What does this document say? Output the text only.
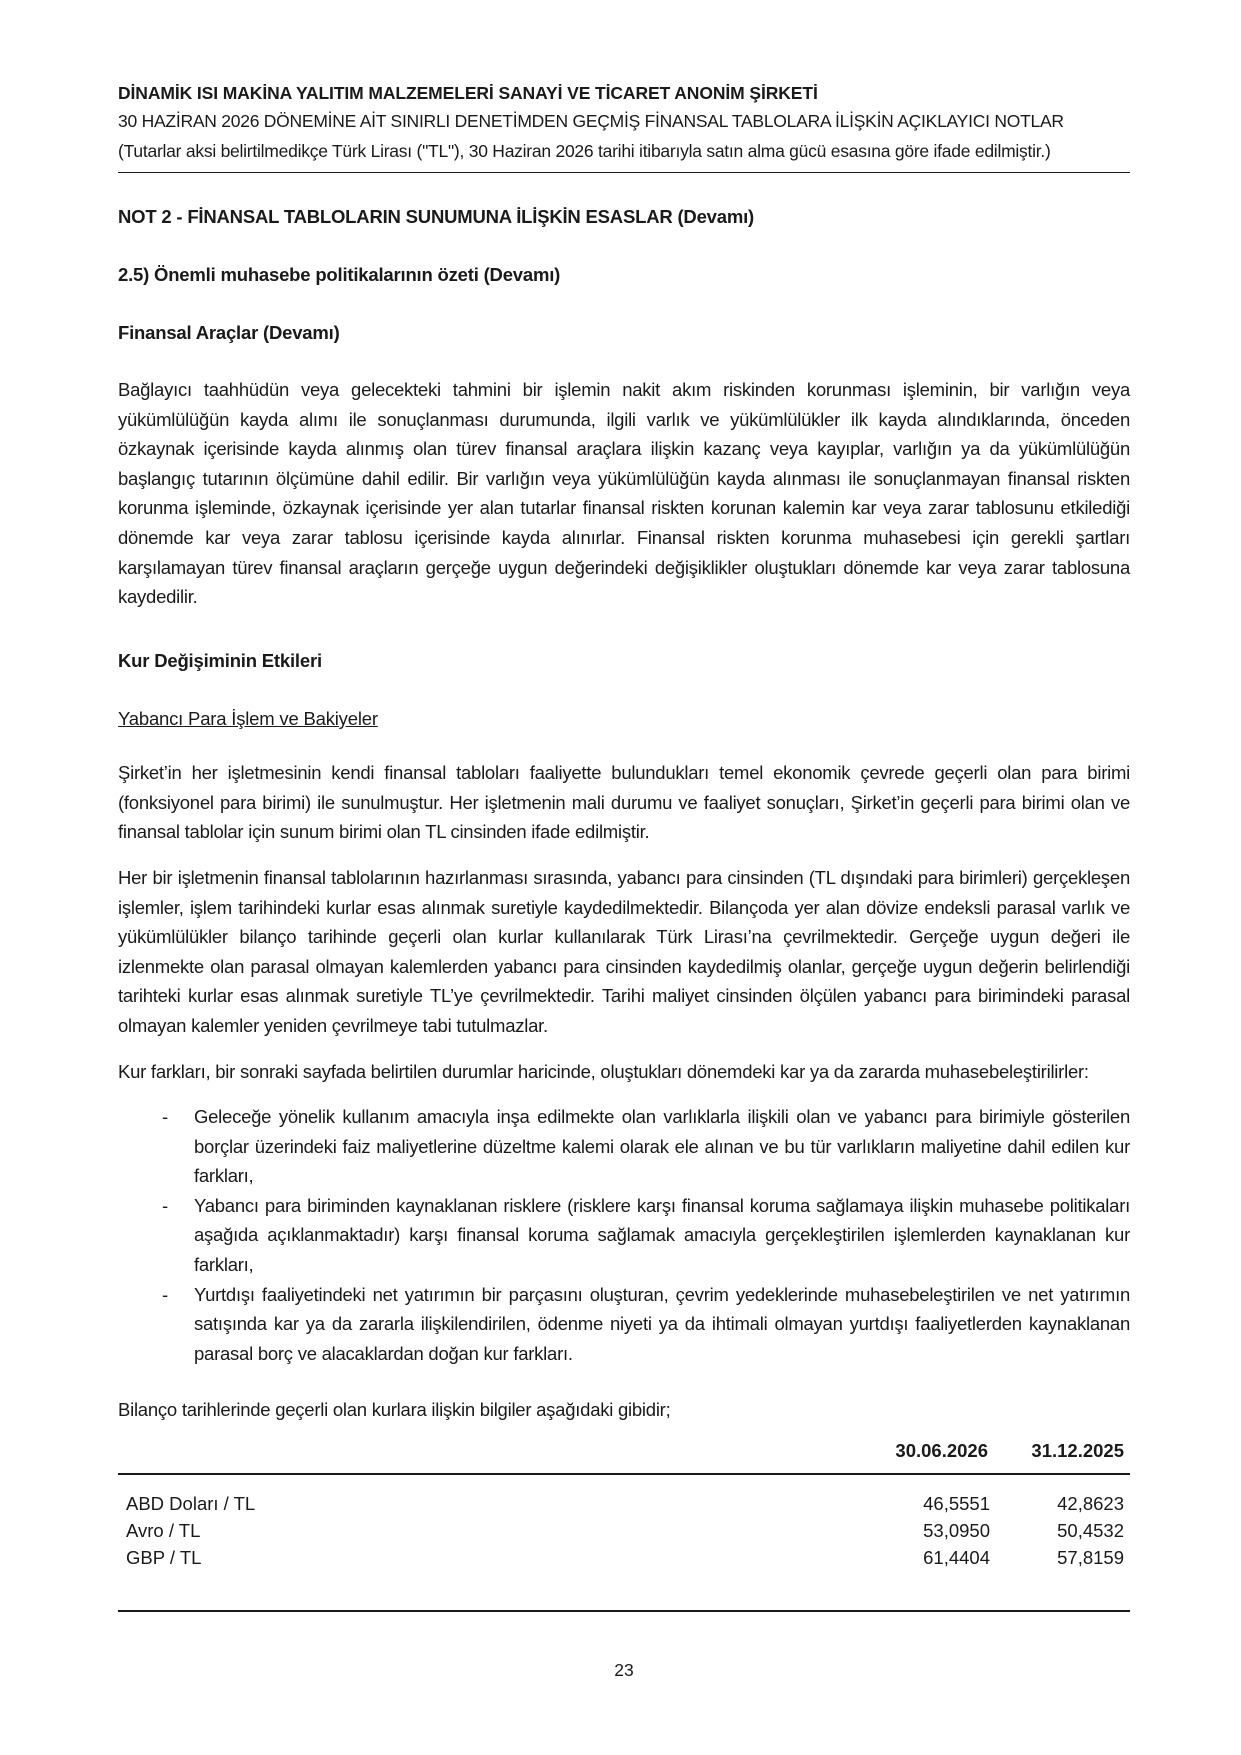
DİNAMİK ISI MAKİNA YALITIM MALZEMELERİ SANAYİ VE TİCARET ANONİM ŞİRKETİ
30 HAZİRAN 2026 DÖNEMİNE AİT SINIRLI DENETİMDEN GEÇMİŞ FİNANSAL TABLOLARA İLİŞKİN AÇIKLAYICI NOTLAR
(Tutarlar aksi belirtilmedikçe Türk Lirası ("TL"), 30 Haziran 2026 tarihi itibarıyla satın alma gücü esasına göre ifade edilmiştir.)
NOT 2 - FİNANSAL TABLOLARIN SUNUMUNA İLİŞKİN ESASLAR (Devamı)
2.5) Önemli muhasebe politikalarının özeti (Devamı)
Finansal Araçlar (Devamı)
Bağlayıcı taahhüdün veya gelecekteki tahmini bir işlemin nakit akım riskinden korunması işleminin, bir varlığın veya yükümlülüğün kayda alımı ile sonuçlanması durumunda, ilgili varlık ve yükümlülükler ilk kayda alındıklarında, önceden özkaynak içerisinde kayda alınmış olan türev finansal araçlara ilişkin kazanç veya kayıplar, varlığın ya da yükümlülüğün başlangıç tutarının ölçümüne dahil edilir. Bir varlığın veya yükümlülüğün kayda alınması ile sonuçlanmayan finansal riskten korunma işleminde, özkaynak içerisinde yer alan tutarlar finansal riskten korunan kalemin kar veya zarar tablosunu etkilediği dönemde kar veya zarar tablosu içerisinde kayda alınırlar. Finansal riskten korunma muhasebesi için gerekli şartları karşılamayan türev finansal araçların gerçeğe uygun değerindeki değişiklikler oluştukları dönemde kar veya zarar tablosuna kaydedilir.
Kur Değişiminin Etkileri
Yabancı Para İşlem ve Bakiyeler
Şirket’in her işletmesinin kendi finansal tabloları faaliyette bulundukları temel ekonomik çevrede geçerli olan para birimi (fonksiyonel para birimi) ile sunulmuştur. Her işletmenin mali durumu ve faaliyet sonuçları, Şirket’in geçerli para birimi olan ve finansal tablolar için sunum birimi olan TL cinsinden ifade edilmiştir.
Her bir işletmenin finansal tablolarının hazırlanması sırasında, yabancı para cinsinden (TL dışındaki para birimleri) gerçekleşen işlemler, işlem tarihindeki kurlar esas alınmak suretiyle kaydedilmektedir. Bilançoda yer alan dövize endeksli parasal varlık ve yükümlülükler bilanço tarihinde geçerli olan kurlar kullanılarak Türk Lirası’na çevrilmektedir. Gerçeğe uygun değeri ile izlenmekte olan parasal olmayan kalemlerden yabancı para cinsinden kaydedilmiş olanlar, gerçeğe uygun değerin belirlendiği tarihteki kurlar esas alınmak suretiyle TL’ye çevrilmektedir. Tarihi maliyet cinsinden ölçülen yabancı para birimindeki parasal olmayan kalemler yeniden çevrilmeye tabi tutulmazlar.
Kur farkları, bir sonraki sayfada belirtilen durumlar haricinde, oluştukları dönemdeki kar ya da zararda muhasebeleştirilirler:
- Geleceğe yönelik kullanım amacıyla inşa edilmekte olan varlıklarla ilişkili olan ve yabancı para birimiyle gösterilen borçlar üzerindeki faiz maliyetlerine düzeltme kalemi olarak ele alınan ve bu tür varlıkların maliyetine dahil edilen kur farkları,
- Yabancı para biriminden kaynaklanan risklere (risklere karşı finansal koruma sağlamaya ilişkin muhasebe politikaları aşağıda açıklanmaktadır) karşı finansal koruma sağlamak amacıyla gerçekleştirilen işlemlerden kaynaklanan kur farkları,
- Yurtdışı faaliyetindeki net yatırımın bir parçasını oluşturan, çevrim yedeklerinde muhasebeleştirilen ve net yatırımın satışında kar ya da zararla ilişkilendirilen, ödenme niyeti ya da ihtimali olmayan yurtdışı faaliyetlerden kaynaklanan parasal borç ve alacaklardan doğan kur farkları.
Bilanço tarihlerinde geçerli olan kurlara ilişkin bilgiler aşağıdaki gibidir;
30.06.2026 31.12.2025
ABD Doları / TL	46,5551	42,8623
Avro / TL	53,0950	50,4532
GBP / TL	61,4404	57,8159
23
